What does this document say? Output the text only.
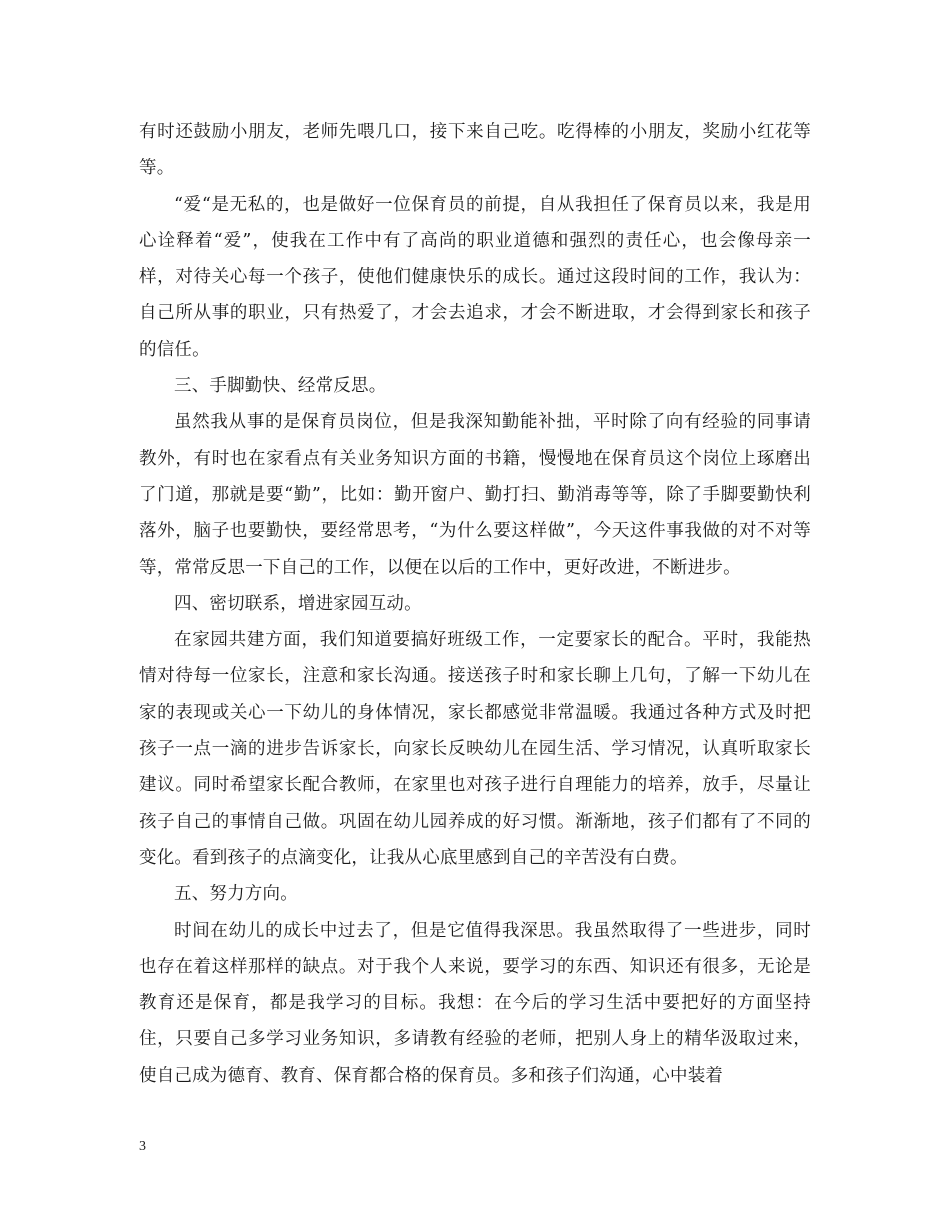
有时还鼓励小朋友，老师先喂几口，接下来自己吃。吃得棒的小朋友，奖励小红花等等。

“爱“是无私的，也是做好一位保育员的前提，自从我担任了保育员以来，我是用心诠释着“爱”，使我在工作中有了高尚的职业道德和强烈的责任心，也会像母亲一样，对待关心每一个孩子，使他们健康快乐的成长。通过这段时间的工作，我认为：自己所从事的职业，只有热爱了，才会去追求，才会不断进取，才会得到家长和孩子的信任。

三、手脚勤快、经常反思。

虽然我从事的是保育员岗位，但是我深知勤能补拙，平时除了向有经验的同事请教外，有时也在家看点有关业务知识方面的书籍，慢慢地在保育员这个岗位上琢磨出了门道，那就是要“勤”，比如：勤开窗户、勤打扫、勤消毒等等，除了手脚要勤快利落外，脑子也要勤快，要经常思考，“为什么要这样做”，今天这件事我做的对不对等等，常常反思一下自己的工作，以便在以后的工作中，更好改进，不断进步。

四、密切联系，增进家园互动。

在家园共建方面，我们知道要搞好班级工作，一定要家长的配合。平时，我能热情对待每一位家长，注意和家长沟通。接送孩子时和家长聊上几句，了解一下幼儿在家的表现或关心一下幼儿的身体情况，家长都感觉非常温暖。我通过各种方式及时把孩子一点一滴的进步告诉家长，向家长反映幼儿在园生活、学习情况，认真听取家长建议。同时希望家长配合教师，在家里也对孩子进行自理能力的培养，放手，尽量让孩子自己的事情自己做。巩固在幼儿园养成的好习惯。渐渐地，孩子们都有了不同的变化。看到孩子的点滴变化，让我从心底里感到自己的辛苦没有白费。

五、努力方向。

时间在幼儿的成长中过去了，但是它值得我深思。我虽然取得了一些进步，同时也存在着这样那样的缺点。对于我个人来说，要学习的东西、知识还有很多，无论是教育还是保育，都是我学习的目标。我想：在今后的学习生活中要把好的方面坚持住，只要自己多学习业务知识，多请教有经验的老师，把别人身上的精华汲取过来，使自己成为德育、教育、保育都合格的保育员。多和孩子们沟通，心中装着

3
